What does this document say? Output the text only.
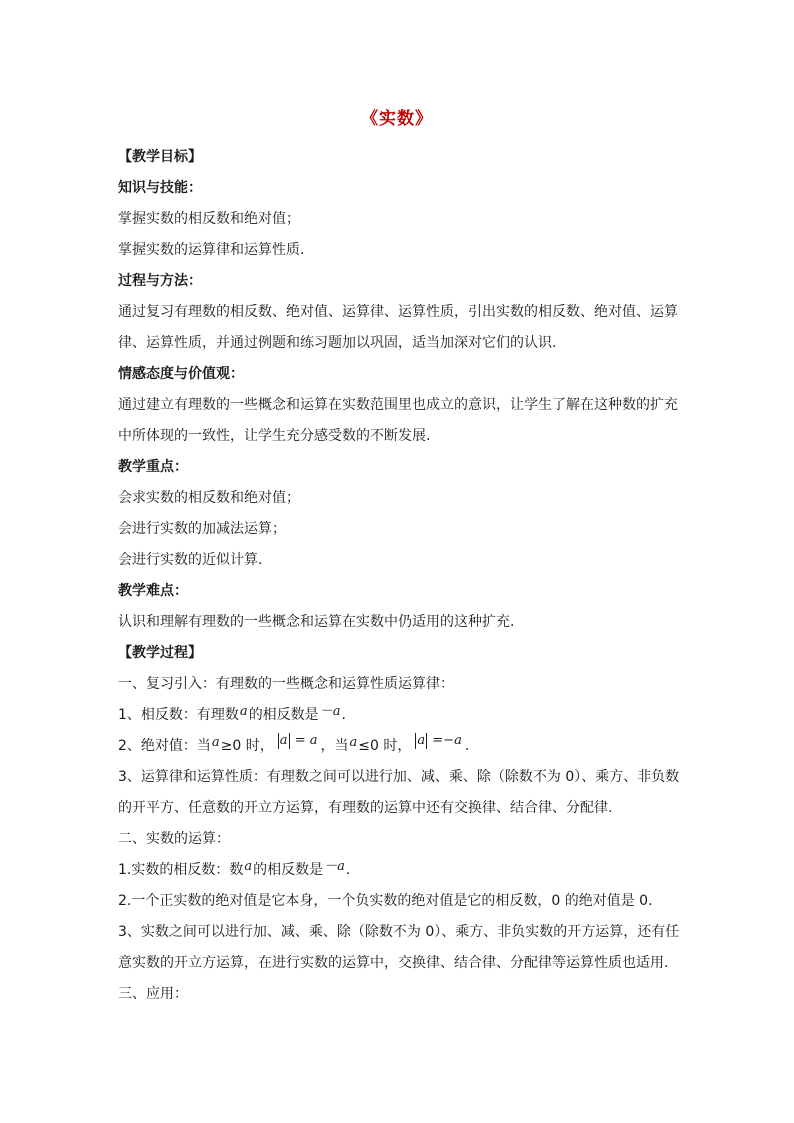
《实数》
【教学目标】
知识与技能：
掌握实数的相反数和绝对值；
掌握实数的运算律和运算性质.
过程与方法：
通过复习有理数的相反数、绝对值、运算律、运算性质，引出实数的相反数、绝对值、运算
律、运算性质，并通过例题和练习题加以巩固，适当加深对它们的认识.
情感态度与价值观：
通过建立有理数的一些概念和运算在实数范围里也成立的意识，让学生了解在这种数的扩充
中所体现的一致性，让学生充分感受数的不断发展.
教学重点：
会求实数的相反数和绝对值；
会进行实数的加减法运算；
会进行实数的近似计算.
教学难点：
认识和理解有理数的一些概念和运算在实数中仍适用的这种扩充.
【教学过程】
一、复习引入：有理数的一些概念和运算性质运算律：
1、相反数：有理数a的相反数是－a.
2、绝对值：当a≥0 时， a = a ，当a≤0 时， a =−a .
3、运算律和运算性质：有理数之间可以进行加、减、乘、除（除数不为 0）、乘方、非负数
的开平方、任意数的开立方运算，有理数的运算中还有交换律、结合律、分配律.
二、实数的运算：
1.实数的相反数：数a的相反数是－a.
2.一个正实数的绝对值是它本身，一个负实数的绝对值是它的相反数，0 的绝对值是 0.
3、实数之间可以进行加、减、乘、除（除数不为 0）、乘方、非负实数的开方运算，还有任
意实数的开立方运算，在进行实数的运算中，交换律、结合律、分配律等运算性质也适用.
三、应用：
